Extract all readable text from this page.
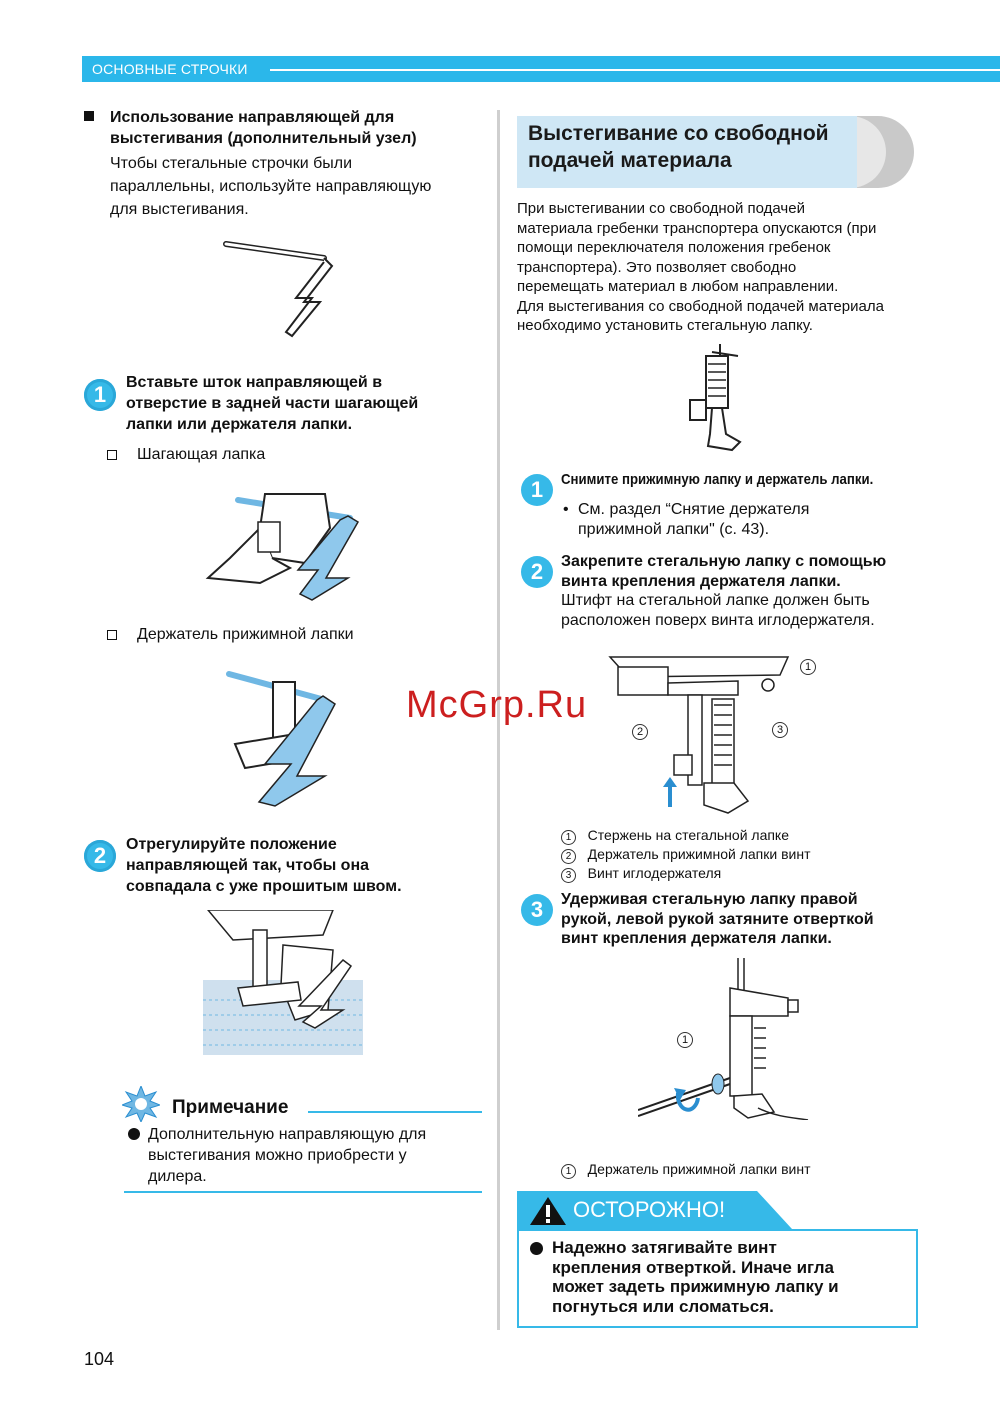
ОСНОВНЫЕ СТРОЧКИ
Использование направляющей для
выстегивания (дополнительный узел)
Чтобы стегальные строчки были
параллельны, используйте направляющую
для выстегивания.
1	Вставьте шток направляющей в
отверстие в задней части шагающей
лапки или держателя лапки.
Шагающая лапка
Держатель прижимной лапки
2	Отрегулируйте положение
направляющей так, чтобы она
совпадала с уже прошитым швом.
Примечание
Дополнительную направляющую для
выстегивания можно приобрести у
дилера.
Выстегивание со свободной
подачей материала
При выстегивании со свободной подачей
материала гребенки транспортера опускаются (при
помощи переключателя положения гребенок
транспортера). Это позволяет свободно
перемещать материал в любом направлении.
Для выстегивания со свободной подачей материала
необходимо установить стегальную лапку.
1	Снимите прижимную лапку и держатель лапки.
• См. раздел “Снятие держателя
прижимной лапки" (с. 43).
2	Закрепите стегальную лапку с помощью
винта крепления держателя лапки.
Штифт на стегальной лапке должен быть
расположен поверх винта иглодержателя.
1
2	3
1 Стержень на стегальной лапке
2 Держатель прижимной лапки винт
3 Винт иглодержателя
3	Удерживая стегальную лапку правой
рукой, левой рукой затяните отверткой
винт крепления держателя лапки.
1
1 Держатель прижимной лапки винт
ОСТОРОЖНО!
Надежно затягивайте винт
крепления отверткой. Иначе игла
может задеть прижимную лапку и
погнуться или сломаться.
McGrp.Ru
104
